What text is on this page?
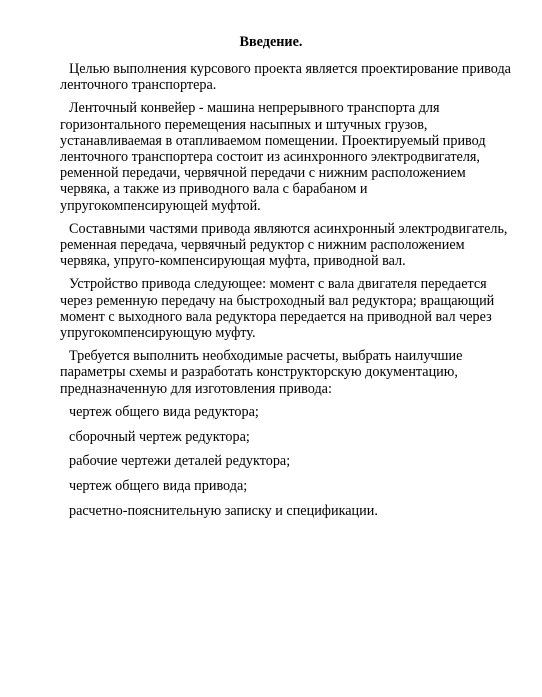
Введение.

Целью выполнения курсового проекта является проектирование привода ленточного транспортера.

Ленточный конвейер - машина непрерывного транспорта для горизонтального перемещения насыпных и штучных грузов, устанавливаемая в отапливаемом помещении. Проектируемый привод ленточного транспортера состоит из асинхронного электродвигателя, ременной передачи, червячной передачи с нижним расположением червяка, а также из приводного вала с барабаном и упругокомпенсирующей муфтой.

Составными частями привода являются асинхронный электродвигатель, ременная передача, червячный редуктор с нижним расположением червяка, упруго-компенсирующая муфта, приводной вал.

Устройство привода следующее: момент с вала двигателя передается через ременную передачу на быстроходный вал редуктора; вращающий момент с выходного вала редуктора передается на приводной вал через упругокомпенсирующую муфту.

Требуется выполнить необходимые расчеты, выбрать наилучшие параметры схемы и разработать конструкторскую документацию, предназначенную для изготовления привода:

чертеж общего вида редуктора;

сборочный чертеж редуктора;

рабочие чертежи деталей редуктора;

чертеж общего вида привода;

расчетно-пояснительную записку и спецификации.
